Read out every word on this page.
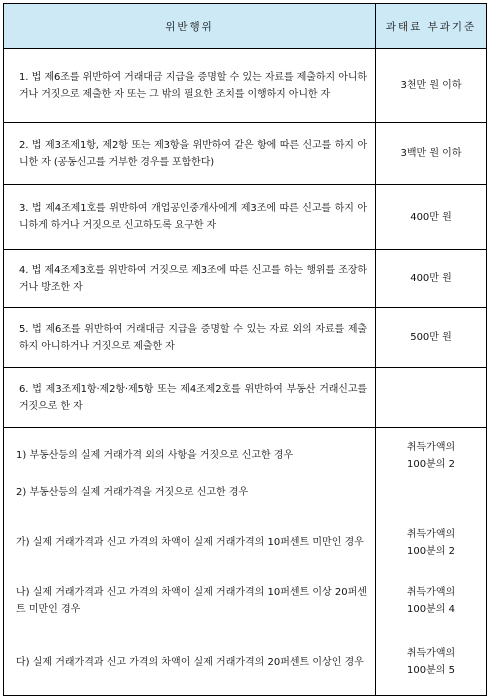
위반행위	과태료 부과기준
1. 법 제6조를 위반하여 거래대금 지급을 증명할 수 있는 자료를 제출하지 아니하거나 거짓으로 제출한 자 또는 그 밖의 필요한 조치를 이행하지 아니한 자	3천만 원 이하
2. 법 제3조제1항, 제2항 또는 제3항을 위반하여 같은 항에 따른 신고를 하지 아니한 자 (공동신고를 거부한 경우를 포함한다)	3백만 원 이하
3. 법 제4조제1호를 위반하여 개업공인중개사에게 제3조에 따른 신고를 하지 아니하게 하거나 거짓으로 신고하도록 요구한 자	400만 원
4. 법 제4조제3호를 위반하여 거짓으로 제3조에 따른 신고를 하는 행위를 조장하거나 방조한 자	400만 원
5. 법 제6조를 위반하여 거래대금 지급을 증명할 수 있는 자료 외의 자료를 제출하지 아니하거나 거짓으로 제출한 자	500만 원
6. 법 제3조제1항·제2항·제5항 또는 제4조제2호를 위반하여 부동산 거래신고를 거짓으로 한 자	
1) 부동산등의 실제 거래가격 외의 사항을 거짓으로 신고한 경우	취득가액의
100분의 2

2) 부동산등의 실제 거래가격을 거짓으로 신고한 경우	
가) 실제 거래가격과 신고 가격의 차액이 실제 거래가격의 10퍼센트 미만인 경우	취득가액의
100분의 2

나) 실제 거래가격과 신고 가격의 차액이 실제 거래가격의 10퍼센트 이상 20퍼센트 미만인 경우	취득가액의
100분의 4

다) 실제 거래가격과 신고 가격의 차액이 실제 거래가격의 20퍼센트 이상인 경우	취득가액의
100분의 5
